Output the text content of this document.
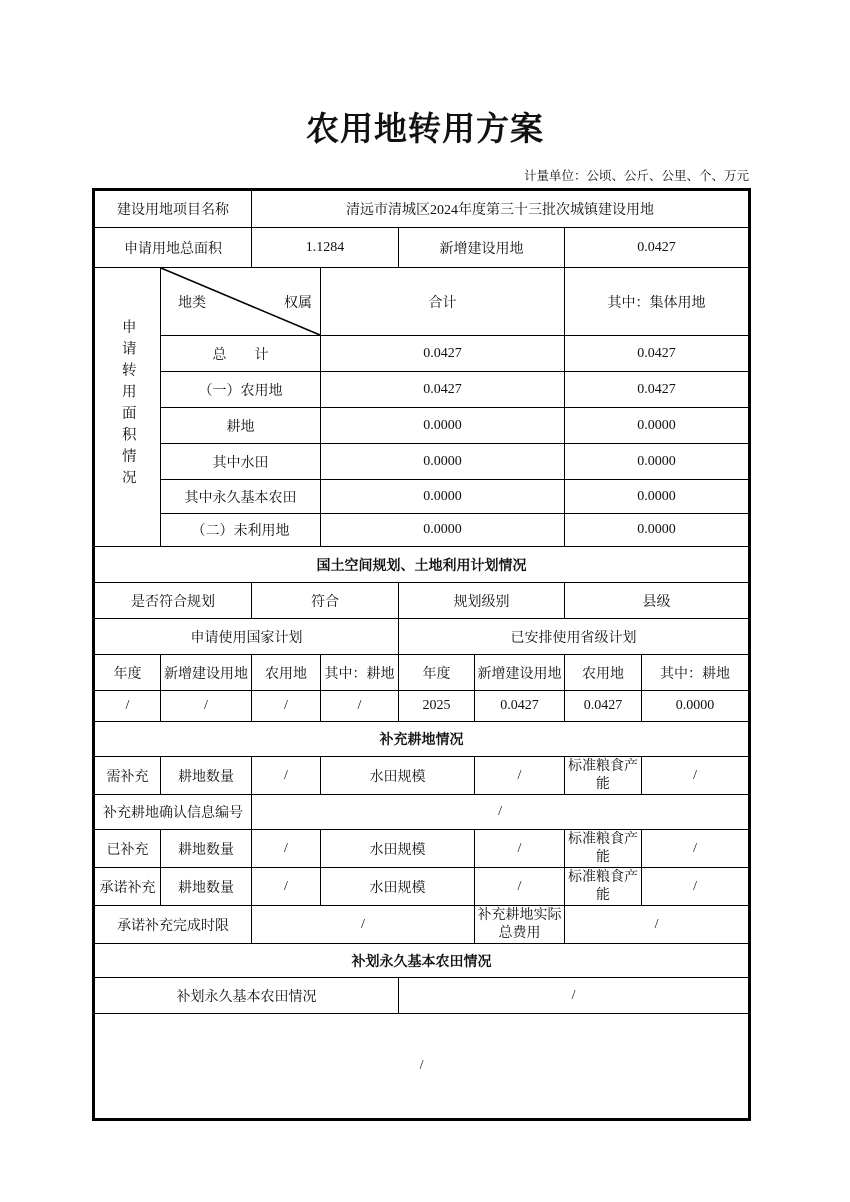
农用地转用方案
计量单位：公顷、公斤、公里、个、万元
建设用地项目名称		清远市清城区2024年度第三十三批次城镇建设用地					
申请用地总面积		1.1284		新增建设用地		0.0427	
申请转用面积情况	地类 权属		合计			其中：集体用地	
	总　　计		0.0427			0.0427	
	（一）农用地		0.0427			0.0427	
	耕地		0.0000			0.0000	
	其中水田		0.0000			0.0000	
	其中永久基本农田		0.0000			0.0000	
	（二）未利用地		0.0000			0.0000	
国土空间规划、土地利用计划情况							
是否符合规划		符合		规划级别		县级	
申请使用国家计划				已安排使用省级计划			
年度	新增建设用地	农用地	其中：耕地	年度	新增建设用地	农用地	其中：耕地
/	/	/	/	2025	0.0427	0.0427	0.0000
补充耕地情况							
需补充	耕地数量	/	水田规模		/	标准粮食产能	/
补充耕地确认信息编号		/					
已补充	耕地数量	/	水田规模		/	标准粮食产能	/
承诺补充	耕地数量	/	水田规模		/	标准粮食产能	/
承诺补充完成时限		/			补充耕地实际总费用	/	
补划永久基本农田情况							
补划永久基本农田情况				/			
/							
